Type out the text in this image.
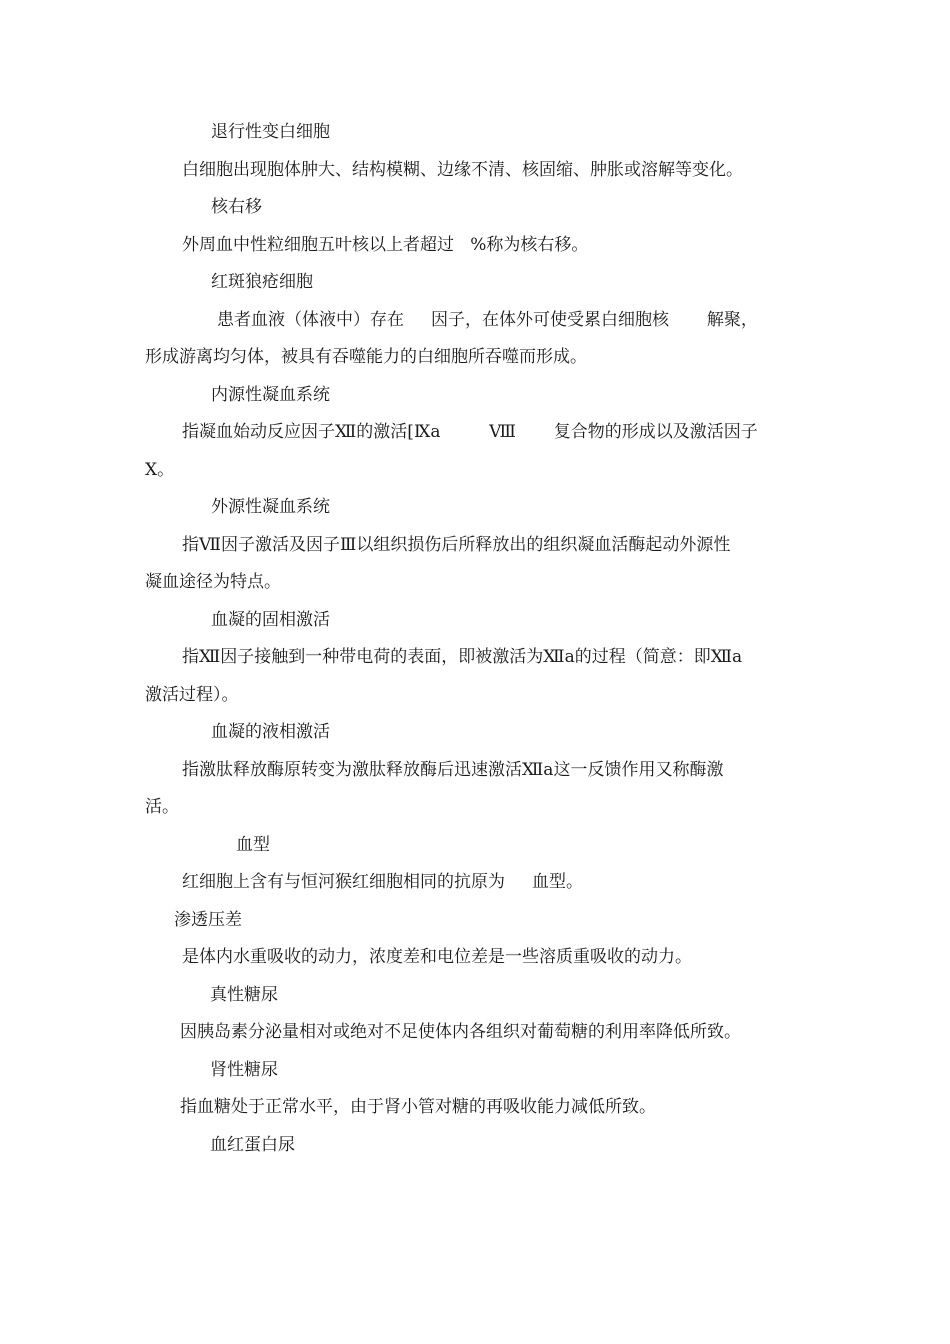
退行性变白细胞
白细胞出现胞体肿大、结构模糊、边缘不清、核固缩、肿胀或溶解等变化。
核右移
外周血中性粒细胞五叶核以上者超过   %称为核右移。
红斑狼疮细胞
患者血液（体液中）存在     因子，在体外可使受累白细胞核       解聚，
形成游离均匀体，被具有吞噬能力的白细胞所吞噬而形成。
内源性凝血系统
指凝血始动反应因子Ⅻ的激活[Ⅸa         Ⅷ       复合物的形成以及激活因子
Ⅹ。
外源性凝血系统
指Ⅶ因子激活及因子Ⅲ以组织损伤后所释放出的组织凝血活酶起动外源性
凝血途径为特点。
血凝的固相激活
指Ⅻ因子接触到一种带电荷的表面，即被激活为Ⅻa的过程（简意：即Ⅻa
激活过程）。
血凝的液相激活
指激肽释放酶原转变为激肽释放酶后迅速激活Ⅻa这一反馈作用又称酶激
活。
血型
红细胞上含有与恒河猴红细胞相同的抗原为     血型。
渗透压差
是体内水重吸收的动力，浓度差和电位差是一些溶质重吸收的动力。
真性糖尿
因胰岛素分泌量相对或绝对不足使体内各组织对葡萄糖的利用率降低所致。
肾性糖尿
指血糖处于正常水平，由于肾小管对糖的再吸收能力减低所致。
血红蛋白尿
